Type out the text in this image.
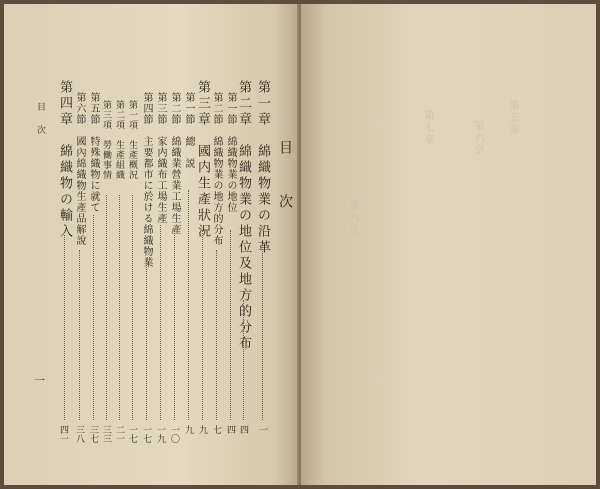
第五章
第六章
第七章
第八章
目次
目次
一
第一章　綿織物業の沿革
一
第二章　綿織物業の地位及地方的分布
四
第一節　綿織物業の地位
四
第二節　綿織物業の地方的分布
七
第三章　國内生產狀況
九
第一節　總　説
九
第二節　綿織業營業工場生產
一〇
第三節　家内織布工場生產
一九
第四節　主要都市に於ける綿織物業
一七
第一項　生產概況
一七
第二項　生產組織
二一
第三項　勞働事情
三三
第五節　特殊織物に就て
三七
第六節　國內綿織物生產品解說
三八
第四章　綿織物の輸入
四一
